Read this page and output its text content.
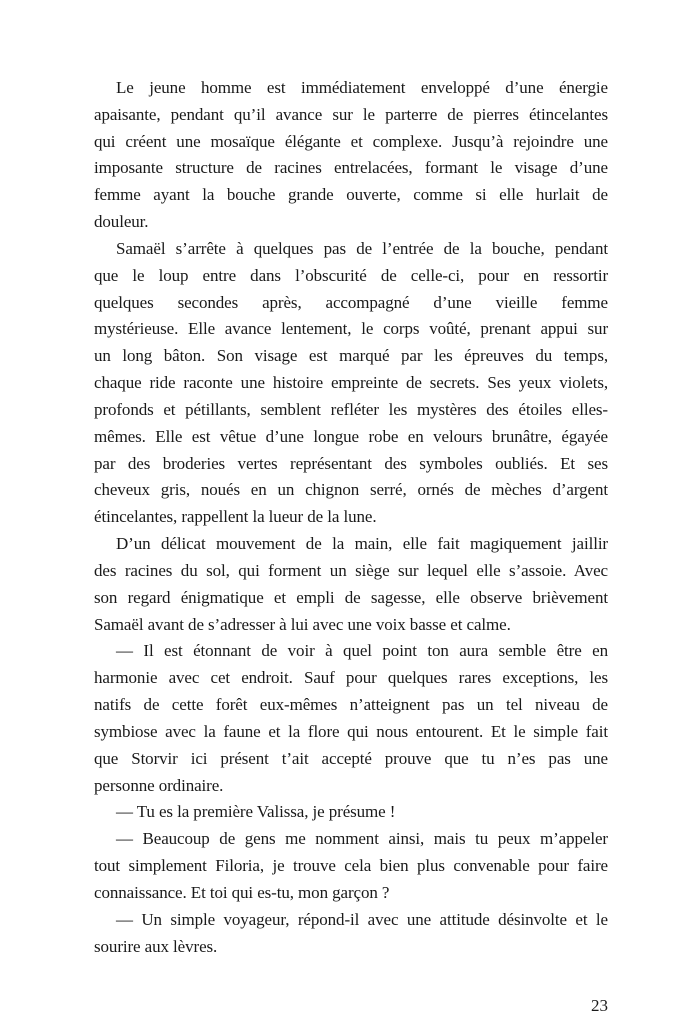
Le jeune homme est immédiatement enveloppé d’une énergie
apaisante, pendant qu’il avance sur le parterre de pierres étincelantes
qui créent une mosaïque élégante et complexe. Jusqu’à rejoindre une
imposante structure de racines entrelacées, formant le visage d’une
femme ayant la bouche grande ouverte, comme si elle hurlait de
douleur.
Samaël s’arrête à quelques pas de l’entrée de la bouche, pendant
que le loup entre dans l’obscurité de celle-ci, pour en ressortir
quelques secondes après, accompagné d’une vieille femme
mystérieuse. Elle avance lentement, le corps voûté, prenant appui sur
un long bâton. Son visage est marqué par les épreuves du temps,
chaque ride raconte une histoire empreinte de secrets. Ses yeux violets,
profonds et pétillants, semblent refléter les mystères des étoiles elles-
mêmes. Elle est vêtue d’une longue robe en velours brunâtre, égayée
par des broderies vertes représentant des symboles oubliés. Et ses
cheveux gris, noués en un chignon serré, ornés de mèches d’argent
étincelantes, rappellent la lueur de la lune.
D’un délicat mouvement de la main, elle fait magiquement jaillir
des racines du sol, qui forment un siège sur lequel elle s’assoie. Avec
son regard énigmatique et empli de sagesse, elle observe brièvement
Samaël avant de s’adresser à lui avec une voix basse et calme.
— Il est étonnant de voir à quel point ton aura semble être en
harmonie avec cet endroit. Sauf pour quelques rares exceptions, les
natifs de cette forêt eux-mêmes n’atteignent pas un tel niveau de
symbiose avec la faune et la flore qui nous entourent. Et le simple fait
que Storvir ici présent t’ait accepté prouve que tu n’es pas une
personne ordinaire.
— Tu es la première Valissa, je présume !
— Beaucoup de gens me nomment ainsi, mais tu peux m’appeler
tout simplement Filoria, je trouve cela bien plus convenable pour faire
connaissance. Et toi qui es-tu, mon garçon ?
— Un simple voyageur, répond-il avec une attitude désinvolte et le
sourire aux lèvres.
23
